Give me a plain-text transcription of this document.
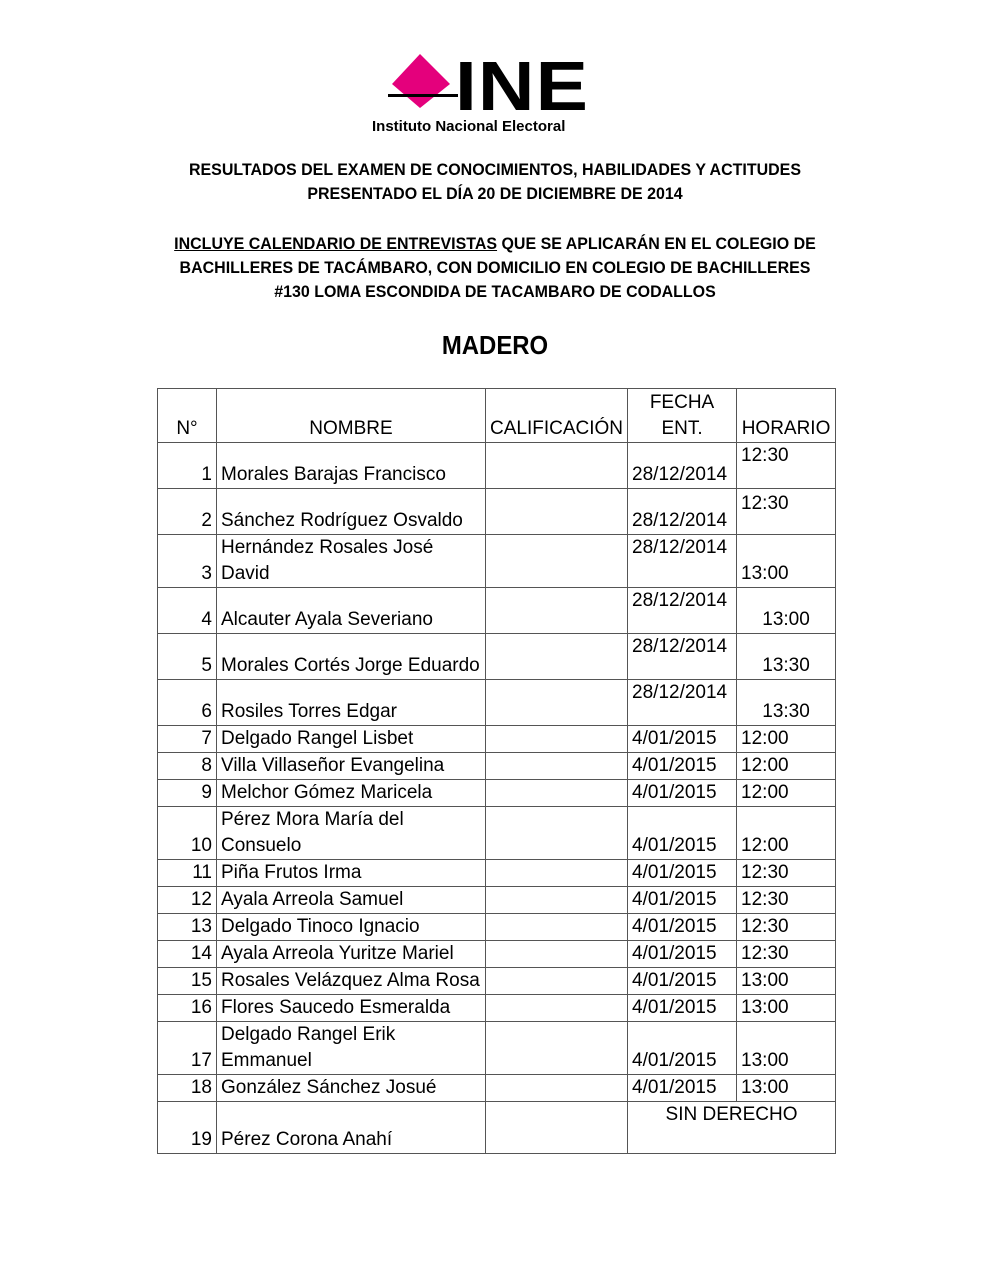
INE
Instituto Nacional Electoral
RESULTADOS DEL EXAMEN DE CONOCIMIENTOS, HABILIDADES Y ACTITUDES
PRESENTADO EL DÍA 20 DE DICIEMBRE DE 2014
INCLUYE CALENDARIO DE ENTREVISTAS QUE SE APLICARÁN EN EL COLEGIO DE
BACHILLERES DE TACÁMBARO, CON DOMICILIO EN COLEGIO DE BACHILLERES
#130 LOMA ESCONDIDA DE TACAMBARO DE CODALLOS
MADERO
N°	NOMBRE	CALIFICACIÓN	FECHA
ENT.	HORARIO
1	Morales Barajas Francisco		28/12/2014	12:30
2	Sánchez Rodríguez Osvaldo		28/12/2014	12:30

3	Hernández Rosales José
David		28/12/2014	13:00
4	Alcauter Ayala Severiano		28/12/2014	13:00
5	Morales Cortés Jorge Eduardo		28/12/2014	13:30
6	Rosiles Torres Edgar		28/12/2014	13:30
7	Delgado Rangel Lisbet		4/01/2015	12:00
8	Villa Villaseñor Evangelina		4/01/2015	12:00
9	Melchor Gómez Maricela		4/01/2015	12:00
10	Pérez Mora María del
Consuelo		4/01/2015	12:00
11	Piña Frutos Irma		4/01/2015	12:30
12	Ayala Arreola Samuel		4/01/2015	12:30
13	Delgado Tinoco Ignacio		4/01/2015	12:30
14	Ayala Arreola Yuritze Mariel		4/01/2015	12:30
15	Rosales Velázquez Alma Rosa		4/01/2015	13:00
16	Flores Saucedo Esmeralda		4/01/2015	13:00
17	Delgado Rangel Erik
Emmanuel		4/01/2015	13:00
18	González Sánchez Josué		4/01/2015	13:00
19	Pérez Corona Anahí		SIN DERECHO	
